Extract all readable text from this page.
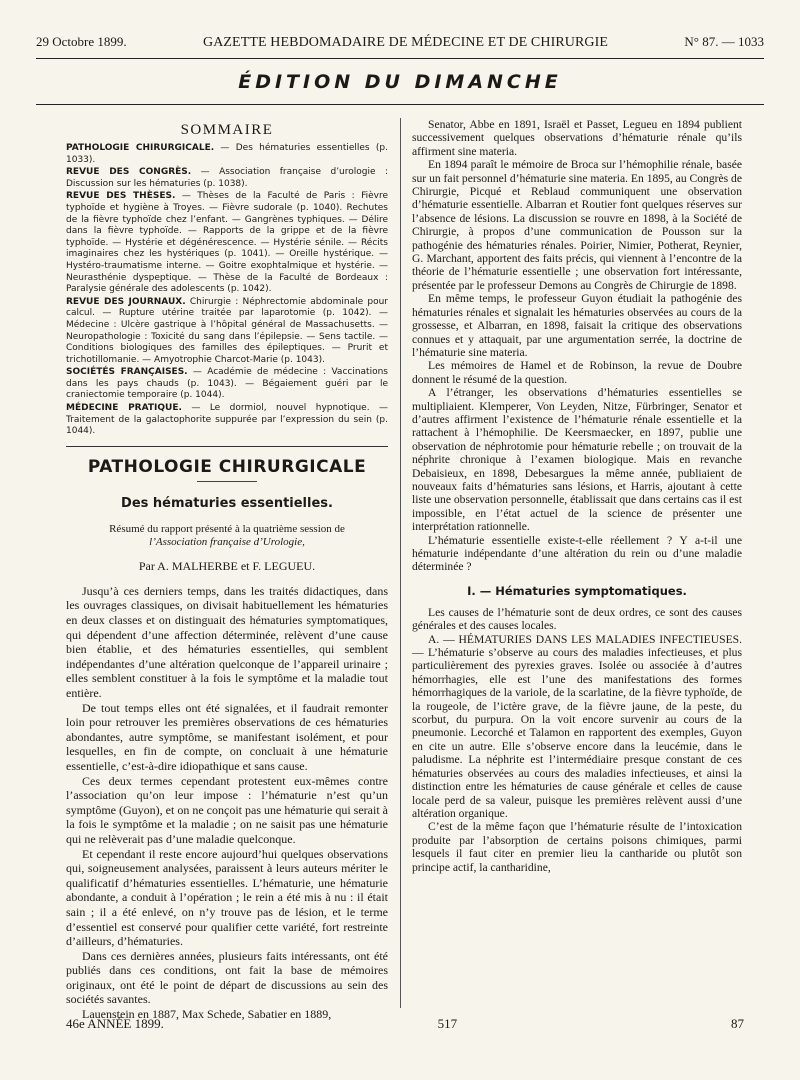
29 Octobre 1899.	GAZETTE HEBDOMADAIRE DE MÉDECINE ET DE CHIRURGIE	N° 87. — 1033
ÉDITION DU DIMANCHE
SOMMAIRE

PATHOLOGIE CHIRURGICALE. — Des hématuries essentielles (p. 1033).

REVUE DES CONGRÈS. — Association française d’urologie : Discussion sur les hématuries (p. 1038).

REVUE DES THÈSES. — Thèses de la Faculté de Paris : Fièvre typhoïde et hygiène à Troyes. — Fièvre sudorale (p. 1040). Rechutes de la fièvre typhoïde chez l’enfant. — Gangrènes typhiques. — Délire dans la fièvre typhoïde. — Rapports de la grippe et de la fièvre typhoïde. — Hystérie et dégénérescence. — Hystérie sénile. — Récits imaginaires chez les hystériques (p. 1041). — Oreille hystérique. — Hystéro-traumatisme interne. — Goitre exophtalmique et hystérie. — Neurasthénie dyspeptique. — Thèse de la Faculté de Bordeaux : Paralysie générale des adolescents (p. 1042).

REVUE DES JOURNAUX. Chirurgie : Néphrectomie abdominale pour calcul. — Rupture utérine traitée par laparotomie (p. 1042). — Médecine : Ulcère gastrique à l’hôpital général de Massachusetts. — Neuropathologie : Toxicité du sang dans l’épilepsie. — Sens tactile. — Conditions biologiques des familles des épileptiques. — Prurit et trichotillomanie. — Amyotrophie Charcot-Marie (p. 1043).

SOCIÉTÉS FRANÇAISES. — Académie de médecine : Vaccinations dans les pays chauds (p. 1043). — Bégaiement guéri par le craniectomie temporaire (p. 1044).

MÉDECINE PRATIQUE. — Le dormiol, nouvel hypnotique. — Traitement de la galactophorite suppurée par l’expression du sein (p. 1044).

PATHOLOGIE CHIRURGICALE
Des hématuries essentielles.
Résumé du rapport présenté à la quatrième session de
l’Association française d’Urologie,
Par A. MALHERBE et F. LEGUEU.

Jusqu’à ces derniers temps, dans les traités didactiques, dans les ouvrages classiques, on divisait habituellement les hématuries en deux classes et on distinguait des hématuries symptomatiques, qui dépendent d’une affection déterminée, relèvent d’une cause bien établie, et des hématuries essentielles, qui semblent indépendantes d’une altération quelconque de l’appareil urinaire ; elles semblent constituer à la fois le symptôme et la maladie tout entière.

De tout temps elles ont été signalées, et il faudrait remonter loin pour retrouver les premières observations de ces hématuries abondantes, autre symptôme, se manifestant isolément, et pour lesquelles, en fin de compte, on concluait à une hématurie essentielle, c’est-à-dire idiopathique et sans cause.

Ces deux termes cependant protestent eux-mêmes contre l’association qu’on leur impose : l’hématurie n’est qu’un symptôme (Guyon), et on ne conçoit pas une hématurie qui serait à la fois le symptôme et la maladie ; on ne saisit pas une hématurie qui ne relèverait pas d’une maladie quelconque.

Et cependant il reste encore aujourd’hui quelques observations qui, soigneusement analysées, paraissent à leurs auteurs mériter le qualificatif d’hématuries essentielles. L’hématurie, une hématurie abondante, a conduit à l’opération ; le rein a été mis à nu : il était sain ; il a été enlevé, on n’y trouve pas de lésion, et le terme d’essentiel est conservé pour qualifier cette variété, fort restreinte d’ailleurs, d’hématuries.

Dans ces dernières années, plusieurs faits intéressants, ont été publiés dans ces conditions, ont fait la base de mémoires originaux, ont été le point de départ de discussions au sein des sociétés savantes.

Lauenstein en 1887, Max Schede, Sabatier en 1889,

Senator, Abbe en 1891, Israël et Passet, Legueu en 1894 publient successivement quelques observations d’hématurie rénale qu’ils affirment sine materia.

En 1894 paraît le mémoire de Broca sur l’hémophilie rénale, basée sur un fait personnel d’hématurie sine materia. En 1895, au Congrès de Chirurgie, Picqué et Reblaud communiquent une observation d’hématurie essentielle. Albarran et Routier font quelques réserves sur l’absence de lésions. La discussion se rouvre en 1898, à la Société de Chirurgie, à propos d’une communication de Pousson sur la pathogénie des hématuries rénales. Poirier, Nimier, Potherat, Reynier, G. Marchant, apportent des faits précis, qui viennent à l’encontre de la théorie de l’hématurie essentielle ; une observation fort intéressante, présentée par le professeur Demons au Congrès de Chirurgie de 1898.

En même temps, le professeur Guyon étudiait la pathogénie des hématuries rénales et signalait les hématuries observées au cours de la grossesse, et Albarran, en 1898, faisait la critique des observations connues et y attaquait, par une argumentation serrée, la doctrine de l’hématurie sine materia.

Les mémoires de Hamel et de Robinson, la revue de Doubre donnent le résumé de la question.

A l’étranger, les observations d’hématuries essentielles se multipliaient. Klemperer, Von Leyden, Nitze, Fürbringer, Senator et d’autres affirment l’existence de l’hématurie rénale essentielle et la rattachent à l’hémophilie. De Keersmaecker, en 1897, publie une observation de néphrotomie pour hématurie rebelle ; on trouvait de la néphrite chronique à l’examen biologique. Mais en revanche Debaisieux, en 1898, Debesargues la même année, publiaient de nouveaux faits d’hématuries sans lésions, et Harris, ajoutant à cette liste une observation personnelle, établissait que dans certains cas il est impossible, en l’état actuel de la science de présenter une interprétation rationnelle.

L’hématurie essentielle existe-t-elle réellement ? Y a-t-il une hématurie indépendante d’une altération du rein ou d’une maladie déterminée ?

I. — Hématuries symptomatiques.

Les causes de l’hématurie sont de deux ordres, ce sont des causes générales et des causes locales.

A. — HÉMATURIES DANS LES MALADIES INFECTIEUSES. — L’hématurie s’observe au cours des maladies infectieuses, et plus particulièrement des pyrexies graves. Isolée ou associée à d’autres hémorrhagies, elle est l’une des manifestations des formes hémorrhagiques de la variole, de la scarlatine, de la fièvre typhoïde, de la rougeole, de l’ictère grave, de la fièvre jaune, de la peste, du scorbut, du purpura. On la voit encore survenir au cours de la pneumonie. Lecorché et Talamon en rapportent des exemples, Guyon en cite un autre. Elle s’observe encore dans la leucémie, dans le paludisme. La néphrite est l’intermédiaire presque constant de ces hématuries observées au cours des maladies infectieuses, et ainsi la distinction entre les hématuries de cause générale et celles de cause locale perd de sa valeur, puisque les premières relèvent aussi d’une altération organique.

C’est de la même façon que l’hématurie résulte de l’intoxication produite par l’absorption de certains poisons chimiques, parmi lesquels il faut citer en premier lieu la cantharide ou plutôt son principe actif, la cantharidine,

46e ANNÉE 1899.	517	87
